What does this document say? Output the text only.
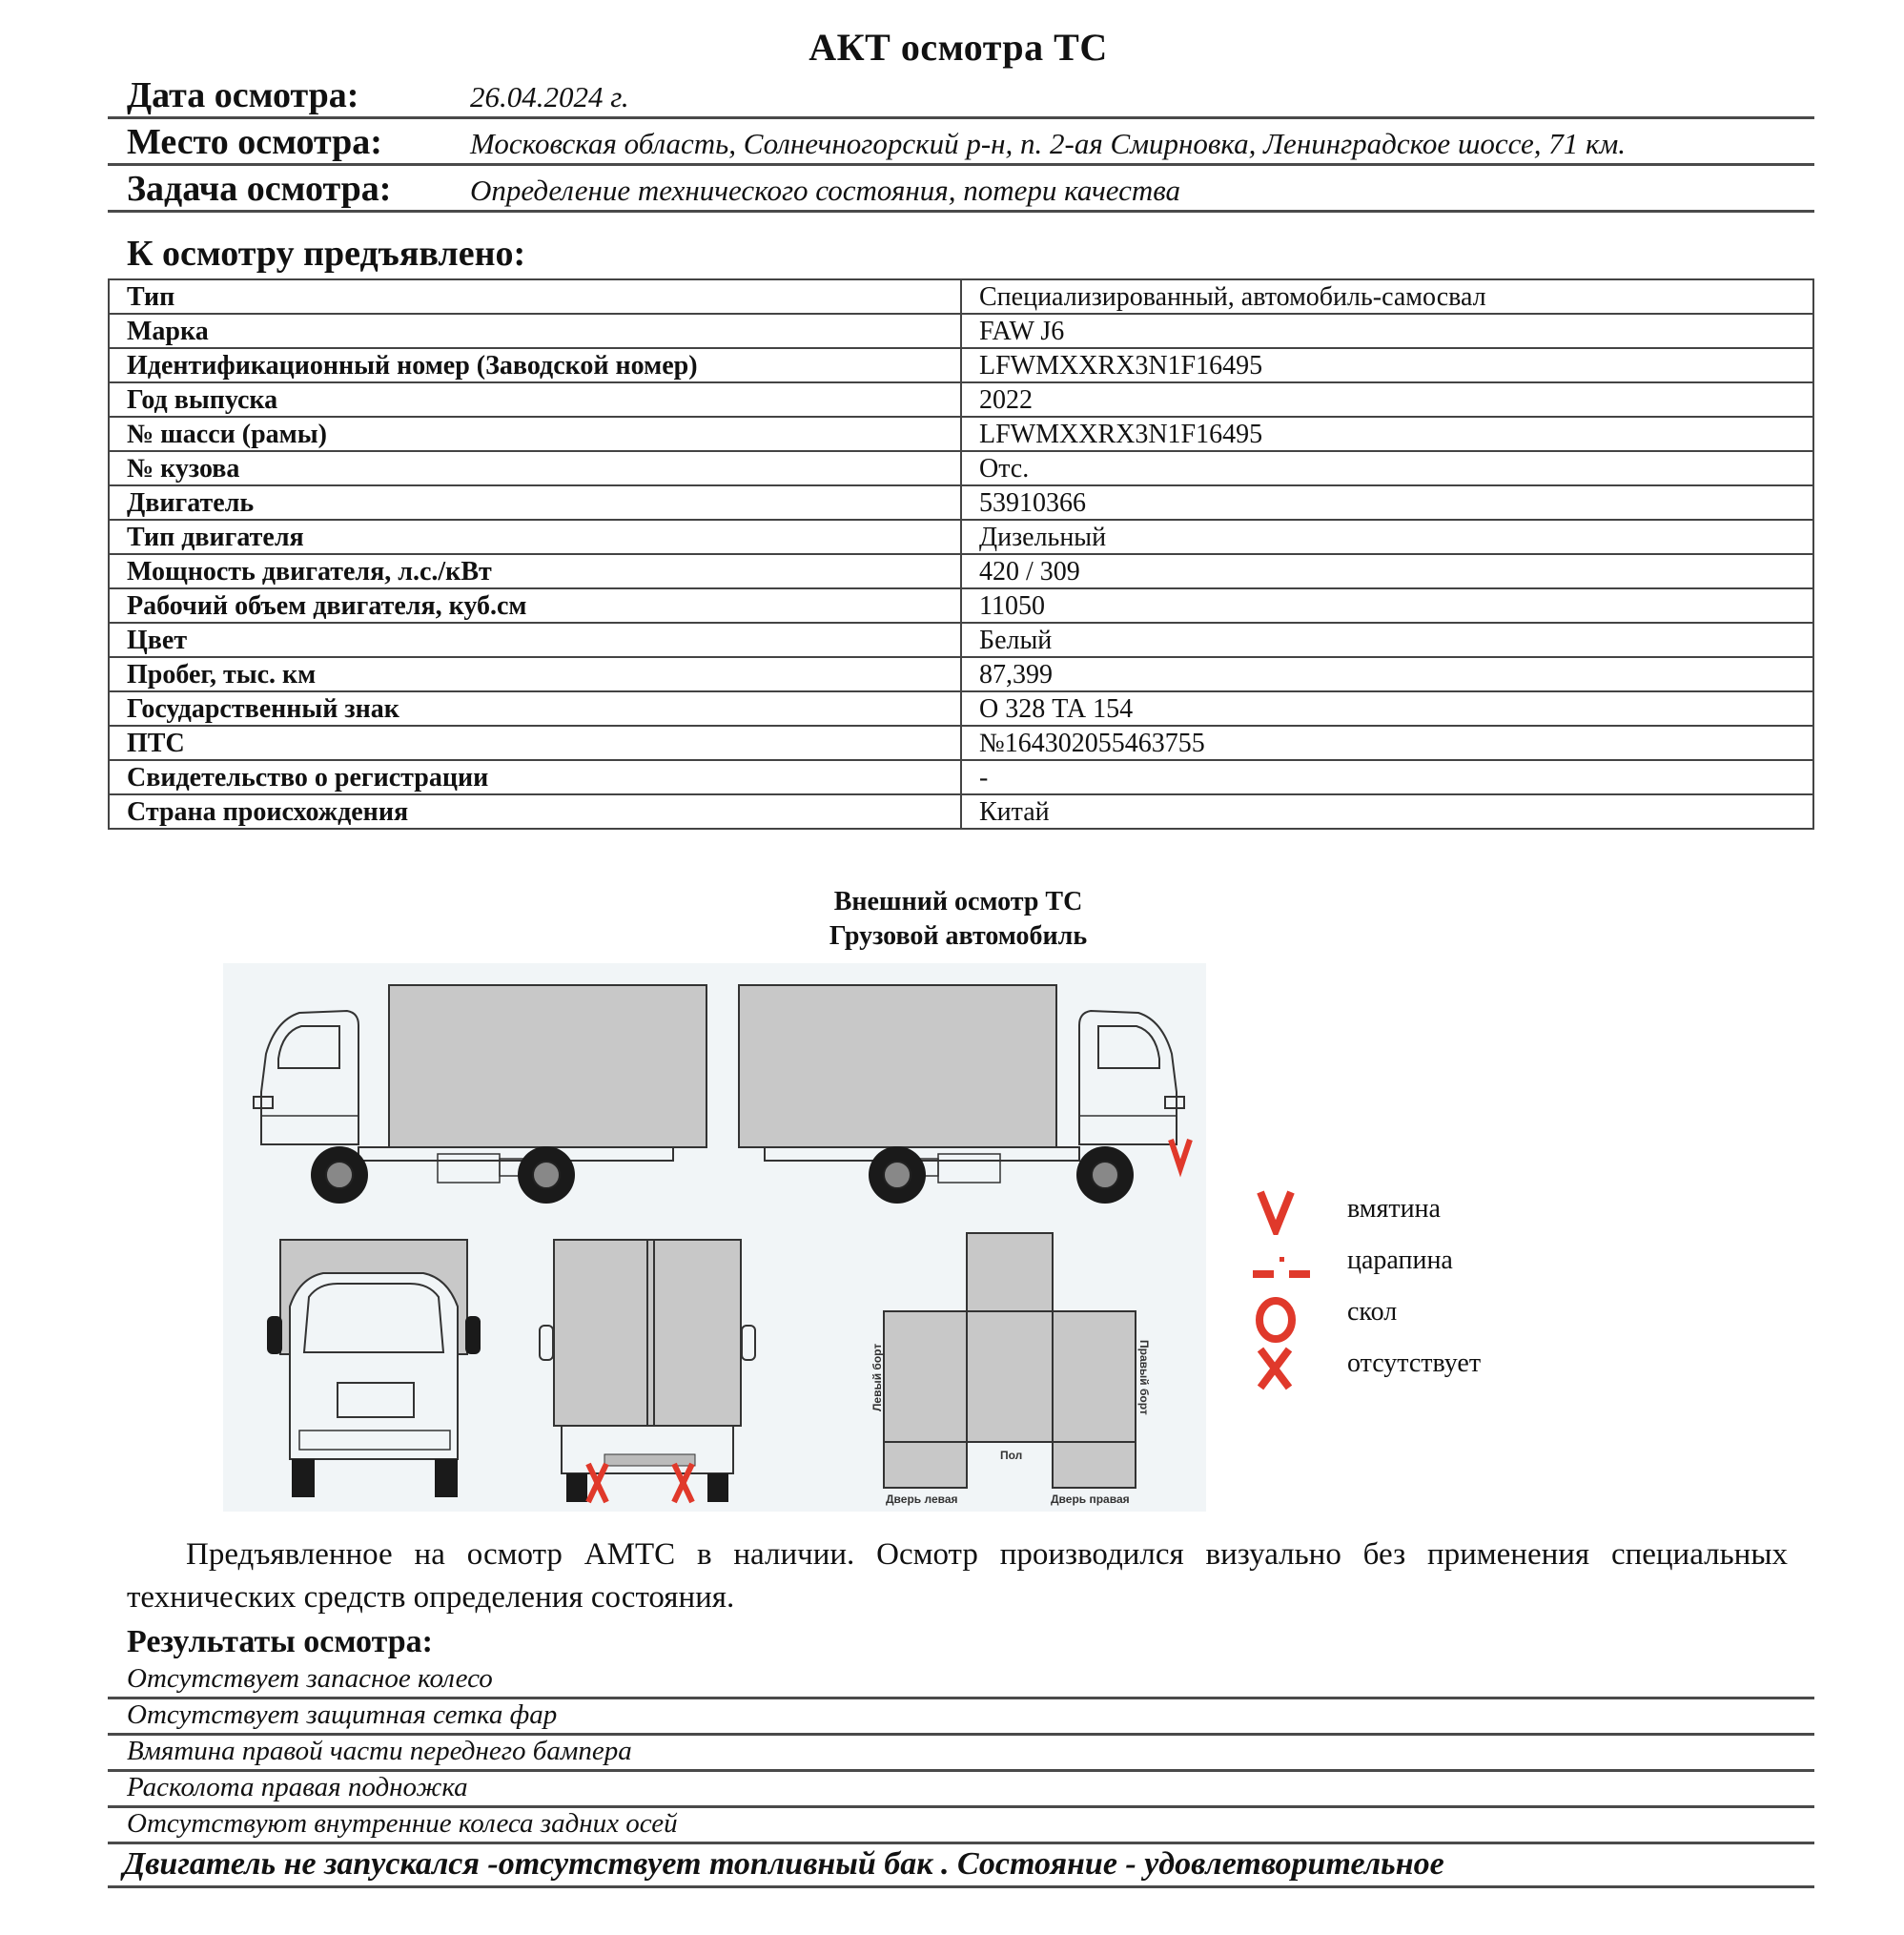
АКТ осмотра ТС
Дата осмотра:	26.04.2024 г.
Место осмотра:	Московская область, Солнечногорский р-н, п. 2-ая Смирновка, Ленинградское шоссе, 71 км.
Задача осмотра:	Определение технического состояния, потери качества
К осмотру предъявлено:
Тип	Специализированный, автомобиль-самосвал
Марка	FAW J6
Идентификационный номер (Заводской номер)	LFWMXXRX3N1F16495
Год выпуска	2022
№ шасси (рамы)	LFWMXXRX3N1F16495
№ кузова	Отс.
Двигатель	53910366
Тип двигателя	Дизельный
Мощность двигателя, л.с./кВт	420 / 309
Рабочий объем двигателя, куб.см	11050
Цвет	Белый
Пробег, тыс. км	87,399
Государственный знак	О 328 ТА 154
ПТС	№164302055463755
Свидетельство о регистрации	-
Страна происхождения	Китай
Внешний осмотр ТС
Грузовой автомобиль
Левый борт	Правый борт
Пол
Дверь левая	Дверь правая
вмятина
царапина
скол
отсутствует
Предъявленное на осмотр АМТС в наличии. Осмотр производился визуально без применения специальных технических средств определения состояния.
Результаты осмотра:
Отсутствует запасное колесо
Отсутствует защитная сетка фар
Вмятина правой части переднего бампера
Расколота правая подножка
Отсутствуют внутренние колеса задних осей
Двигатель не запускался -отсутствует топливный бак . Состояние - удовлетворительное
